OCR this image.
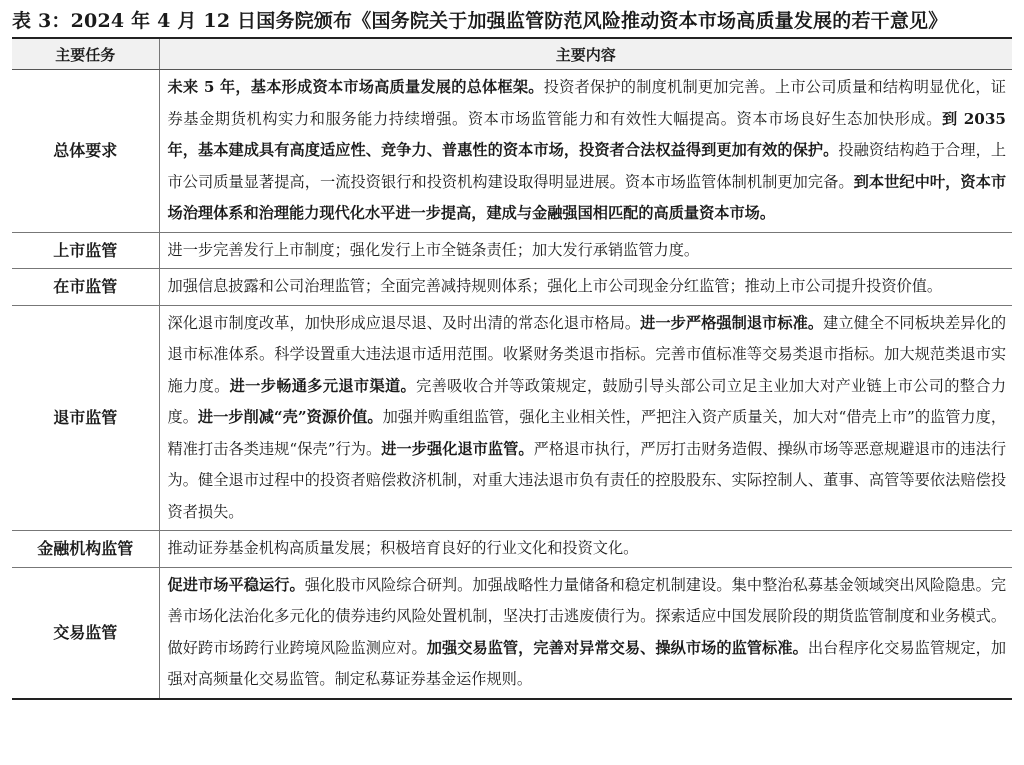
表 3：2024 年 4 月 12 日国务院颁布《国务院关于加强监管防范风险推动资本市场高质量发展的若干意见》
主要任务	主要内容
总体要求	未来 5 年，基本形成资本市场高质量发展的总体框架。投资者保护的制度机制更加完善。上市公司质量和结构明显优化，证券基金期货机构实力和服务能力持续增强。资本市场监管能力和有效性大幅提高。资本市场良好生态加快形成。到 2035 年，基本建成具有高度适应性、竞争力、普惠性的资本市场，投资者合法权益得到更加有效的保护。投融资结构趋于合理，上市公司质量显著提高，一流投资银行和投资机构建设取得明显进展。资本市场监管体制机制更加完备。到本世纪中叶，资本市场治理体系和治理能力现代化水平进一步提高，建成与金融强国相匹配的高质量资本市场。
上市监管	进一步完善发行上市制度；强化发行上市全链条责任；加大发行承销监管力度。
在市监管	加强信息披露和公司治理监管；全面完善减持规则体系；强化上市公司现金分红监管；推动上市公司提升投资价值。
退市监管	深化退市制度改革，加快形成应退尽退、及时出清的常态化退市格局。进一步严格强制退市标准。建立健全不同板块差异化的退市标准体系。科学设置重大违法退市适用范围。收紧财务类退市指标。完善市值标准等交易类退市指标。加大规范类退市实施力度。进一步畅通多元退市渠道。完善吸收合并等政策规定，鼓励引导头部公司立足主业加大对产业链上市公司的整合力度。进一步削减“壳”资源价值。加强并购重组监管，强化主业相关性，严把注入资产质量关，加大对“借壳上市”的监管力度，精准打击各类违规“保壳”行为。进一步强化退市监管。严格退市执行，严厉打击财务造假、操纵市场等恶意规避退市的违法行为。健全退市过程中的投资者赔偿救济机制，对重大违法退市负有责任的控股股东、实际控制人、董事、高管等要依法赔偿投资者损失。
金融机构监管	推动证券基金机构高质量发展；积极培育良好的行业文化和投资文化。
交易监管	促进市场平稳运行。强化股市风险综合研判。加强战略性力量储备和稳定机制建设。集中整治私募基金领域突出风险隐患。完善市场化法治化多元化的债券违约风险处置机制，坚决打击逃废债行为。探索适应中国发展阶段的期货监管制度和业务模式。做好跨市场跨行业跨境风险监测应对。加强交易监管，完善对异常交易、操纵市场的监管标准。出台程序化交易监管规定，加强对高频量化交易监管。制定私募证券基金运作规则。
